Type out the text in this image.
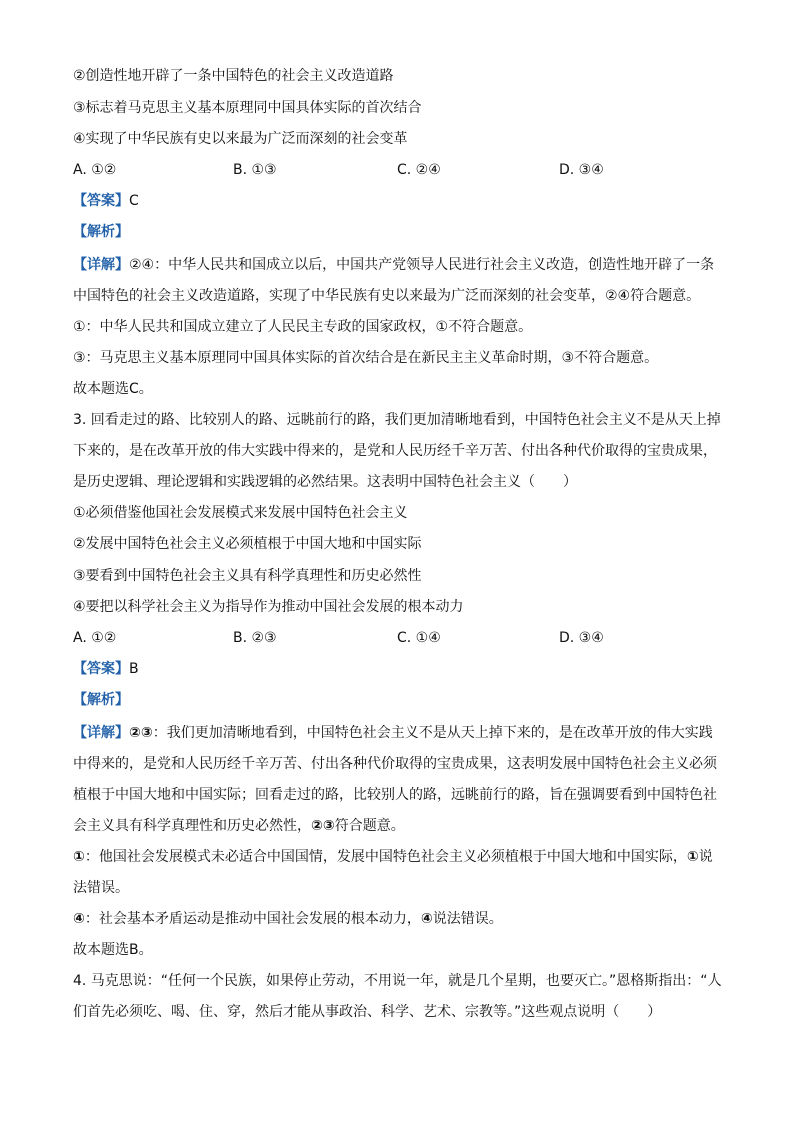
②创造性地开辟了一条中国特色的社会主义改造道路
③标志着马克思主义基本原理同中国具体实际的首次结合
④实现了中华民族有史以来最为广泛而深刻的社会变革
A. ①②	B. ①③	C. ②④	D. ③④
【答案】C
【解析】
【详解】②④：中华人民共和国成立以后，中国共产党领导人民进行社会主义改造，创造性地开辟了一条
中国特色的社会主义改造道路，实现了中华民族有史以来最为广泛而深刻的社会变革，②④符合题意。
①：中华人民共和国成立建立了人民民主专政的国家政权，①不符合题意。
③：马克思主义基本原理同中国具体实际的首次结合是在新民主主义革命时期，③不符合题意。
故本题选C。
3. 回看走过的路、比较别人的路、远眺前行的路，我们更加清晰地看到，中国特色社会主义不是从天上掉
下来的，是在改革开放的伟大实践中得来的，是党和人民历经千辛万苦、付出各种代价取得的宝贵成果，
是历史逻辑、理论逻辑和实践逻辑的必然结果。这表明中国特色社会主义（　　）
①必须借鉴他国社会发展模式来发展中国特色社会主义
②发展中国特色社会主义必须植根于中国大地和中国实际
③要看到中国特色社会主义具有科学真理性和历史必然性
④要把以科学社会主义为指导作为推动中国社会发展的根本动力
A. ①②	B. ②③	C. ①④	D. ③④
【答案】B
【解析】
【详解】②③：我们更加清晰地看到，中国特色社会主义不是从天上掉下来的，是在改革开放的伟大实践
中得来的，是党和人民历经千辛万苦、付出各种代价取得的宝贵成果，这表明发展中国特色社会主义必须
植根于中国大地和中国实际；回看走过的路，比较别人的路，远眺前行的路，旨在强调要看到中国特色社
会主义具有科学真理性和历史必然性，②③符合题意。
①：他国社会发展模式未必适合中国国情，发展中国特色社会主义必须植根于中国大地和中国实际，①说
法错误。
④：社会基本矛盾运动是推动中国社会发展的根本动力，④说法错误。
故本题选B。
4. 马克思说：“任何一个民族，如果停止劳动，不用说一年，就是几个星期，也要灭亡。”恩格斯指出：“人
们首先必须吃、喝、住、穿，然后才能从事政治、科学、艺术、宗教等。”这些观点说明（　　）
